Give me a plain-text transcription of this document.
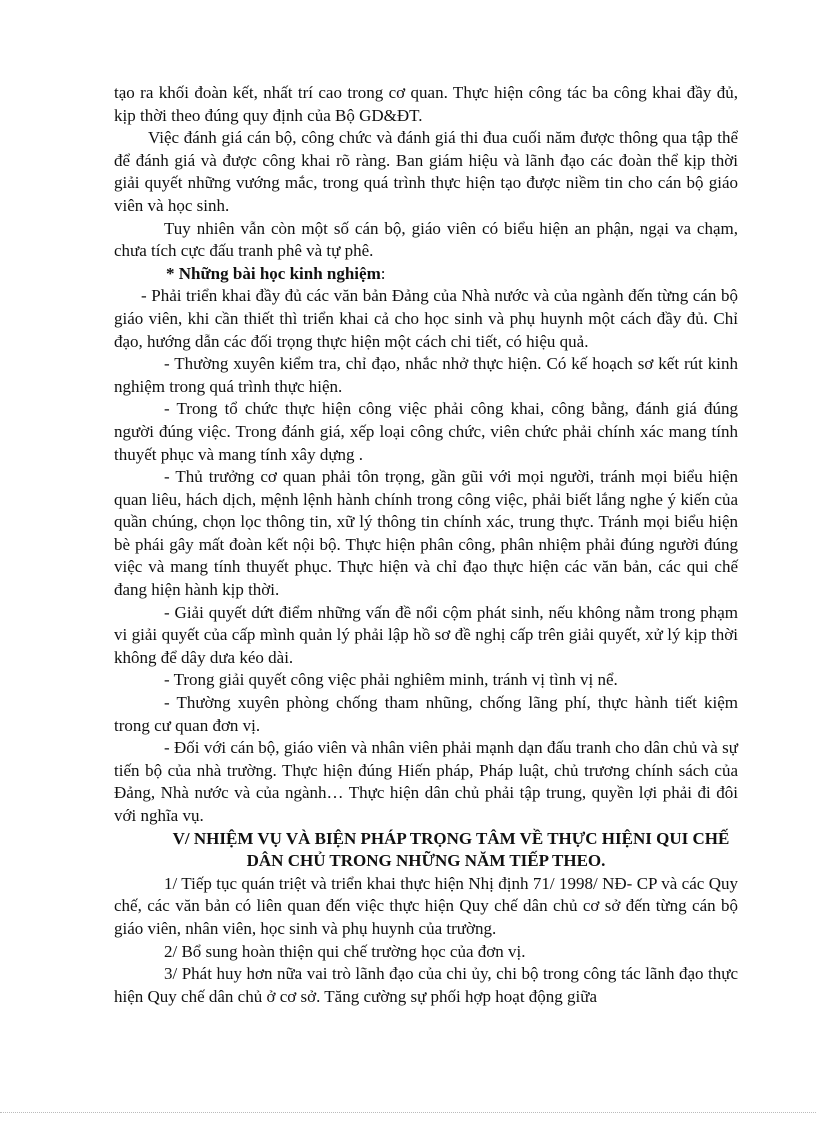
tạo ra khối đoàn kết, nhất trí cao trong cơ quan. Thực hiện công tác ba công khai đầy đủ, kịp thời theo đúng quy định của Bộ GD&ĐT.

Việc đánh giá cán bộ, công chức và đánh giá thi đua cuối năm được thông qua tập thể để đánh giá và được công khai rõ ràng. Ban giám hiệu và lãnh đạo các đoàn thể kịp thời giải quyết những vướng mắc, trong quá trình thực hiện tạo được niềm tin cho cán bộ giáo viên và học sinh.

Tuy nhiên vẫn còn một số cán bộ, giáo viên có biểu hiện an phận, ngại va chạm, chưa tích cực đấu tranh phê và tự phê.

* Những bài học kinh nghiệm:

- Phải triển khai đầy đủ các văn bản Đảng của Nhà nước và của ngành đến từng cán bộ giáo viên, khi cần thiết thì triển khai cả cho học sinh và phụ huynh một cách đầy đủ. Chỉ đạo, hướng dẫn các đối trọng thực hiện một cách chi tiết, có hiệu quả.

- Thường xuyên kiểm tra, chỉ đạo, nhắc nhở thực hiện. Có kế hoạch sơ kết rút kinh nghiệm trong quá trình thực hiện.

- Trong tổ chức thực hiện công việc phải công khai, công bằng, đánh giá đúng người đúng việc. Trong đánh giá, xếp loại công chức, viên chức phải chính xác mang tính thuyết phục và mang tính xây dựng .

- Thủ trưởng cơ quan phải tôn trọng, gần gũi với mọi người, tránh mọi biểu hiện quan liêu, hách dịch, mệnh lệnh hành chính trong công việc, phải biết lắng nghe ý kiến của quần chúng, chọn lọc thông tin, xữ lý thông tin chính xác, trung thực. Tránh mọi biểu hiện bè phái gây mất đoàn kết nội bộ. Thực hiện phân công, phân nhiệm phải đúng người đúng việc và mang tính thuyết phục. Thực hiện và chỉ đạo thực hiện các văn bản, các qui chế đang hiện hành kịp thời.

- Giải quyết dứt điểm những vấn đề nổi cộm phát sinh, nếu không nằm trong phạm vi giải quyết của cấp mình quản lý phải lập hồ sơ đề nghị cấp trên giải quyết, xử lý kịp thời không để dây dưa kéo dài.

- Trong giải quyết công việc phải nghiêm minh, tránh vị tình vị nể.

- Thường xuyên phòng chống tham nhũng, chống lãng phí, thực hành tiết kiệm trong cư quan đơn vị.

- Đối với cán bộ, giáo viên và nhân viên phải mạnh dạn đấu tranh cho dân chủ và sự tiến bộ của nhà trường. Thực hiện đúng Hiến pháp, Pháp luật, chủ trương chính sách của Đảng, Nhà nước và của ngành… Thực hiện dân chủ phải tập trung, quyền lợi phải đi đôi với nghĩa vụ.

V/ NHIỆM VỤ VÀ BIỆN PHÁP TRỌNG TÂM VỀ THỰC HIỆNI QUI CHẾ DÂN CHỦ TRONG NHỮNG NĂM TIẾP THEO.

1/ Tiếp tục quán triệt và triển khai thực hiện Nhị định 71/ 1998/ NĐ- CP và các Quy chế, các văn bản có liên quan đến việc thực hiện Quy chế dân chủ cơ sở đến từng cán bộ giáo viên, nhân viên, học sinh và phụ huynh của trường.

2/ Bổ sung hoàn thiện qui chế trường học của đơn vị.

3/ Phát huy hơn nữa vai trò lãnh đạo của chi ủy, chi bộ trong công tác lãnh đạo thực hiện Quy chế dân chủ ở cơ sở. Tăng cường sự phối hợp hoạt động giữa
